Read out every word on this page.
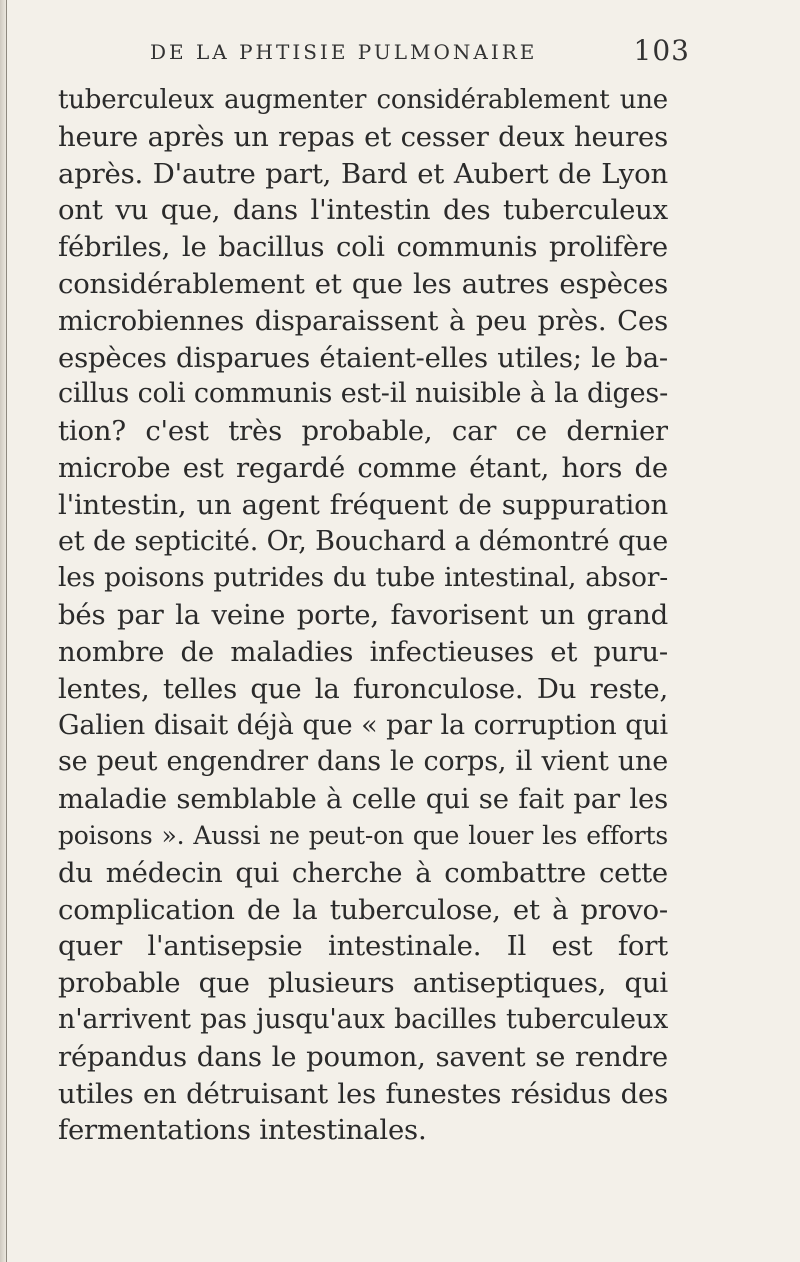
DE LA PHTISIE PULMONAIRE	103
tuberculeux augmenter considérablement une
heure après un repas et cesser deux heures
après. D'autre part, Bard et Aubert de Lyon
ont vu que, dans l'intestin des tuberculeux
fébriles, le bacillus coli communis prolifère
considérablement et que les autres espèces
microbiennes disparaissent à peu près. Ces
espèces disparues étaient-elles utiles; le ba-
cillus coli communis est-il nuisible à la diges-
tion? c'est très probable, car ce dernier
microbe est regardé comme étant, hors de
l'intestin, un agent fréquent de suppuration
et de septicité. Or, Bouchard a démontré que
les poisons putrides du tube intestinal, absor-
bés par la veine porte, favorisent un grand
nombre de maladies infectieuses et puru-
lentes, telles que la furonculose. Du reste,
Galien disait déjà que « par la corruption qui
se peut engendrer dans le corps, il vient une
maladie semblable à celle qui se fait par les
poisons ». Aussi ne peut-on que louer les efforts
du médecin qui cherche à combattre cette
complication de la tuberculose, et à provo-
quer l'antisepsie intestinale. Il est fort
probable que plusieurs antiseptiques, qui
n'arrivent pas jusqu'aux bacilles tuberculeux
répandus dans le poumon, savent se rendre
utiles en détruisant les funestes résidus des
fermentations intestinales.
